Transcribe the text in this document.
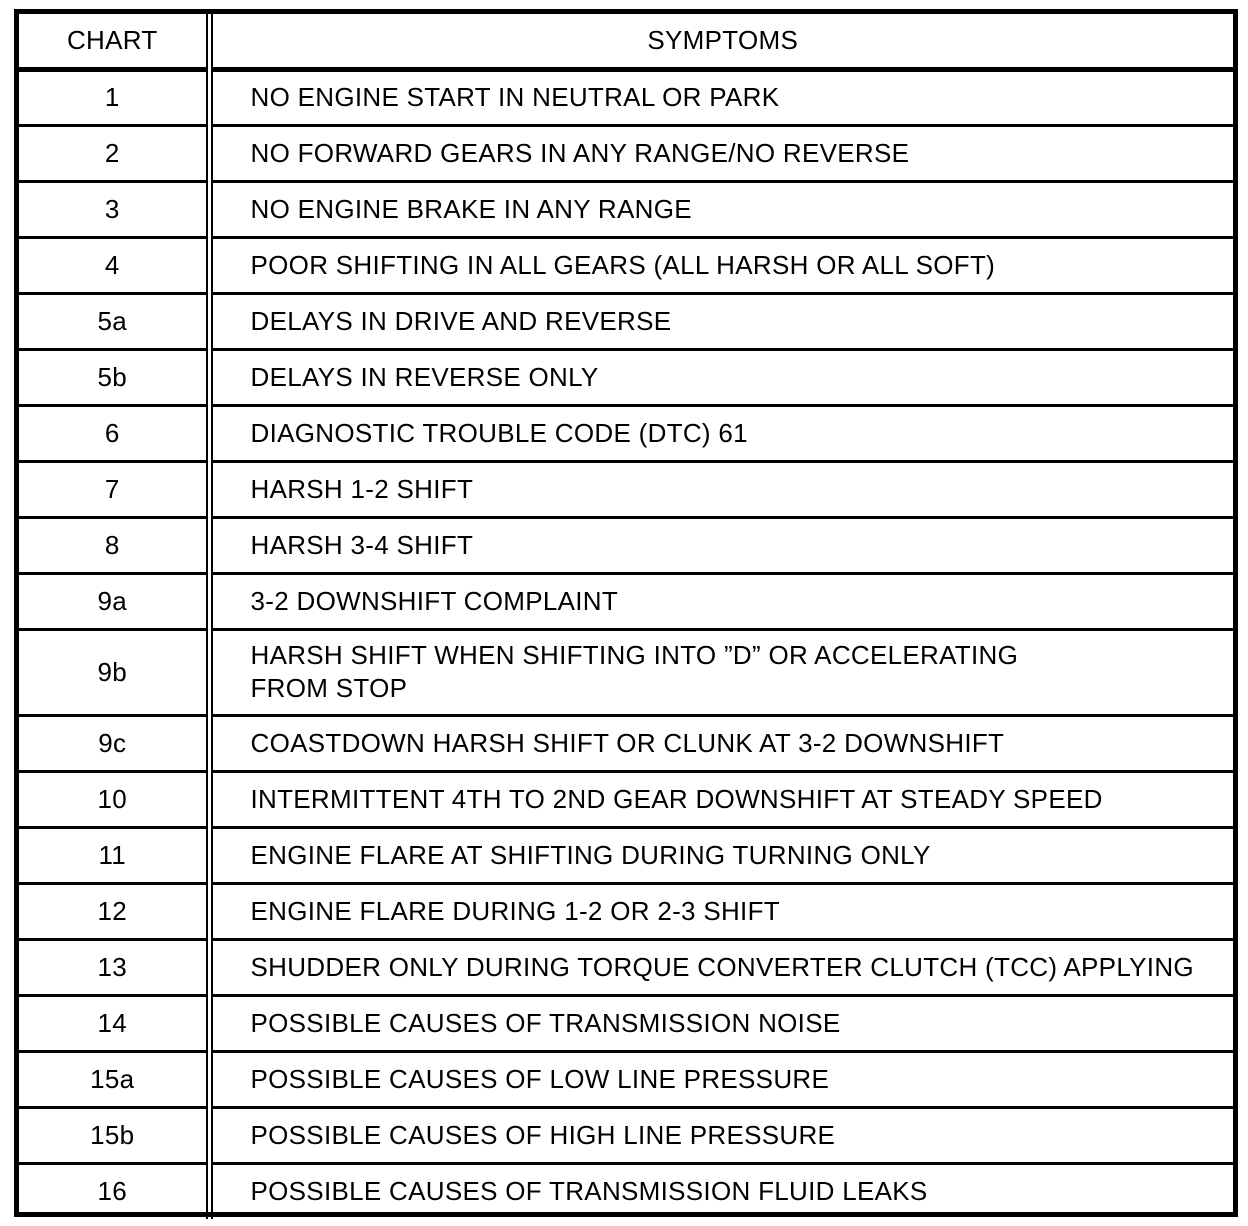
CHART	SYMPTOMS
1	NO ENGINE START IN NEUTRAL OR PARK
2	NO FORWARD GEARS IN ANY RANGE/NO REVERSE
3	NO ENGINE BRAKE IN ANY RANGE
4	POOR SHIFTING IN ALL GEARS (ALL HARSH OR ALL SOFT)
5a	DELAYS IN DRIVE AND REVERSE
5b	DELAYS IN REVERSE ONLY
6	DIAGNOSTIC TROUBLE CODE (DTC) 61
7	HARSH 1-2 SHIFT
8	HARSH 3-4 SHIFT
9a	3-2 DOWNSHIFT COMPLAINT
9b	HARSH SHIFT WHEN SHIFTING INTO ”D” OR ACCELERATING
FROM STOP

9c	COASTDOWN HARSH SHIFT OR CLUNK AT 3-2 DOWNSHIFT
10	INTERMITTENT 4TH TO 2ND GEAR DOWNSHIFT AT STEADY SPEED
11	ENGINE FLARE AT SHIFTING DURING TURNING ONLY
12	ENGINE FLARE DURING 1-2 OR 2-3 SHIFT
13	SHUDDER ONLY DURING TORQUE CONVERTER CLUTCH (TCC) APPLYING
14	POSSIBLE CAUSES OF TRANSMISSION NOISE
15a	POSSIBLE CAUSES OF LOW LINE PRESSURE
15b	POSSIBLE CAUSES OF HIGH LINE PRESSURE
16	POSSIBLE CAUSES OF TRANSMISSION FLUID LEAKS
